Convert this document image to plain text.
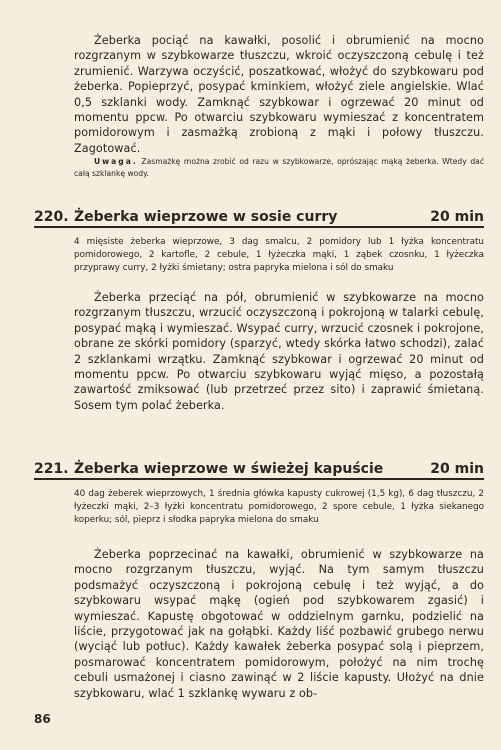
Żeberka pociąć na kawałki, posolić i obrumienić na mocno rozgrzanym w szybkowarze tłuszczu, wkroić oczyszczoną cebulę i też zrumienić. Warzywa oczyścić, poszatkować, włożyć do szybkowaru pod żeberka. Popieprzyć, posypać kminkiem, włożyć ziele angielskie. Wlać 0,5 szklanki wody. Zamknąć szybkowar i ogrzewać 20 minut od momentu ppcw. Po otwarciu szybkowaru wymieszać z koncentratem pomidorowym i zasmażką zrobioną z mąki i połowy tłuszczu. Zagotować.

Uwaga. Zasmażkę można zrobić od razu w szybkowarze, oprószając mąką żeberka. Wtedy dać całą szklankę wody.

220. Żeberka wieprzowe w sosie curry	20 min

4 mięsiste żeberka wieprzowe, 3 dag smalcu, 2 pomidory lub 1 łyżka koncentratu pomidorowego, 2 kartofle, 2 cebule, 1 łyżeczka mąki, 1 ząbek czosnku, 1 łyżeczka przyprawy curry, 2 łyżki śmietany; ostra papryka mielona i sól do smaku

Żeberka przeciąć na pół, obrumienić w szybkowarze na mocno rozgrzanym tłuszczu, wrzucić oczyszczoną i pokrojoną w talarki cebulę, posypać mąką i wymieszać. Wsypać curry, wrzucić czosnek i pokrojone, obrane ze skórki pomidory (sparzyć, wtedy skórka łatwo schodzi), zalać 2 szklankami wrzątku. Zamknąć szybkowar i ogrzewać 20 minut od momentu ppcw. Po otwarciu szybkowaru wyjąć mięso, a pozostałą zawartość zmiksować (lub przetrzeć przez sito) i zaprawić śmietaną. Sosem tym polać żeberka.

221. Żeberka wieprzowe w świeżej kapuście	20 min

40 dag żeberek wieprzowych, 1 średnia główka kapusty cukrowej (1,5 kg), 6 dag tłuszczu, 2 łyżeczki mąki, 2–3 łyżki koncentratu pomidorowego, 2 spore cebule, 1 łyżka siekanego koperku; sól, pieprz i słodka papryka mielona do smaku

Żeberka poprzecinać na kawałki, obrumienić w szybkowarze na mocno rozgrzanym tłuszczu, wyjąć. Na tym samym tłuszczu podsmażyć oczyszczoną i pokrojoną cebulę i też wyjąć, a do szybkowaru wsypać mąkę (ogień pod szybkowarem zgasić) i wymieszać. Kapustę obgotować w oddzielnym garnku, podzielić na liście, przygotować jak na gołąbki. Każdy liść pozbawić grubego nerwu (wyciąć lub potłuc). Każdy kawałek żeberka posypać solą i pieprzem, posmarować koncentratem pomidorowym, położyć na nim trochę cebuli usmażonej i ciasno zawinąć w 2 liście kapusty. Ułożyć na dnie szybkowaru, wlać 1 szklankę wywaru z ob-

86
